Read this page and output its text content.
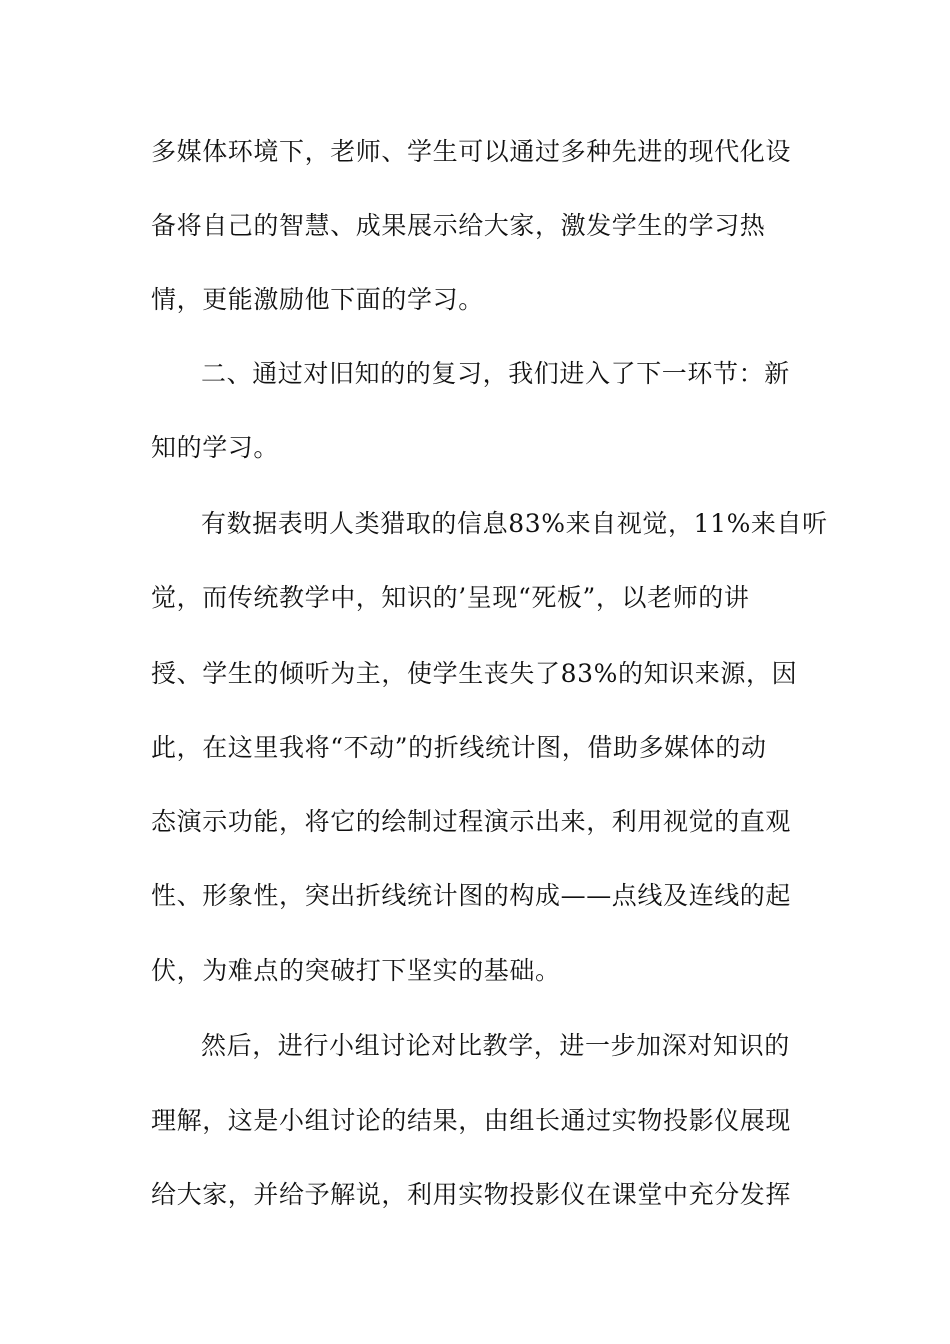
多媒体环境下，老师、学生可以通过多种先进的现代化设
备将自己的智慧、成果展示给大家，激发学生的学习热
情，更能激励他下面的学习。
二、通过对旧知的的复习，我们进入了下一环节：新
知的学习。
有数据表明人类猎取的信息83%来自视觉，11%来自听
觉，而传统教学中，知识的’呈现“死板”，以老师的讲
授、学生的倾听为主，使学生丧失了83%的知识来源，因
此，在这里我将“不动”的折线统计图，借助多媒体的动
态演示功能，将它的绘制过程演示出来，利用视觉的直观
性、形象性，突出折线统计图的构成——点线及连线的起
伏，为难点的突破打下坚实的基础。
然后，进行小组讨论对比教学，进一步加深对知识的
理解，这是小组讨论的结果，由组长通过实物投影仪展现
给大家，并给予解说，利用实物投影仪在课堂中充分发挥
